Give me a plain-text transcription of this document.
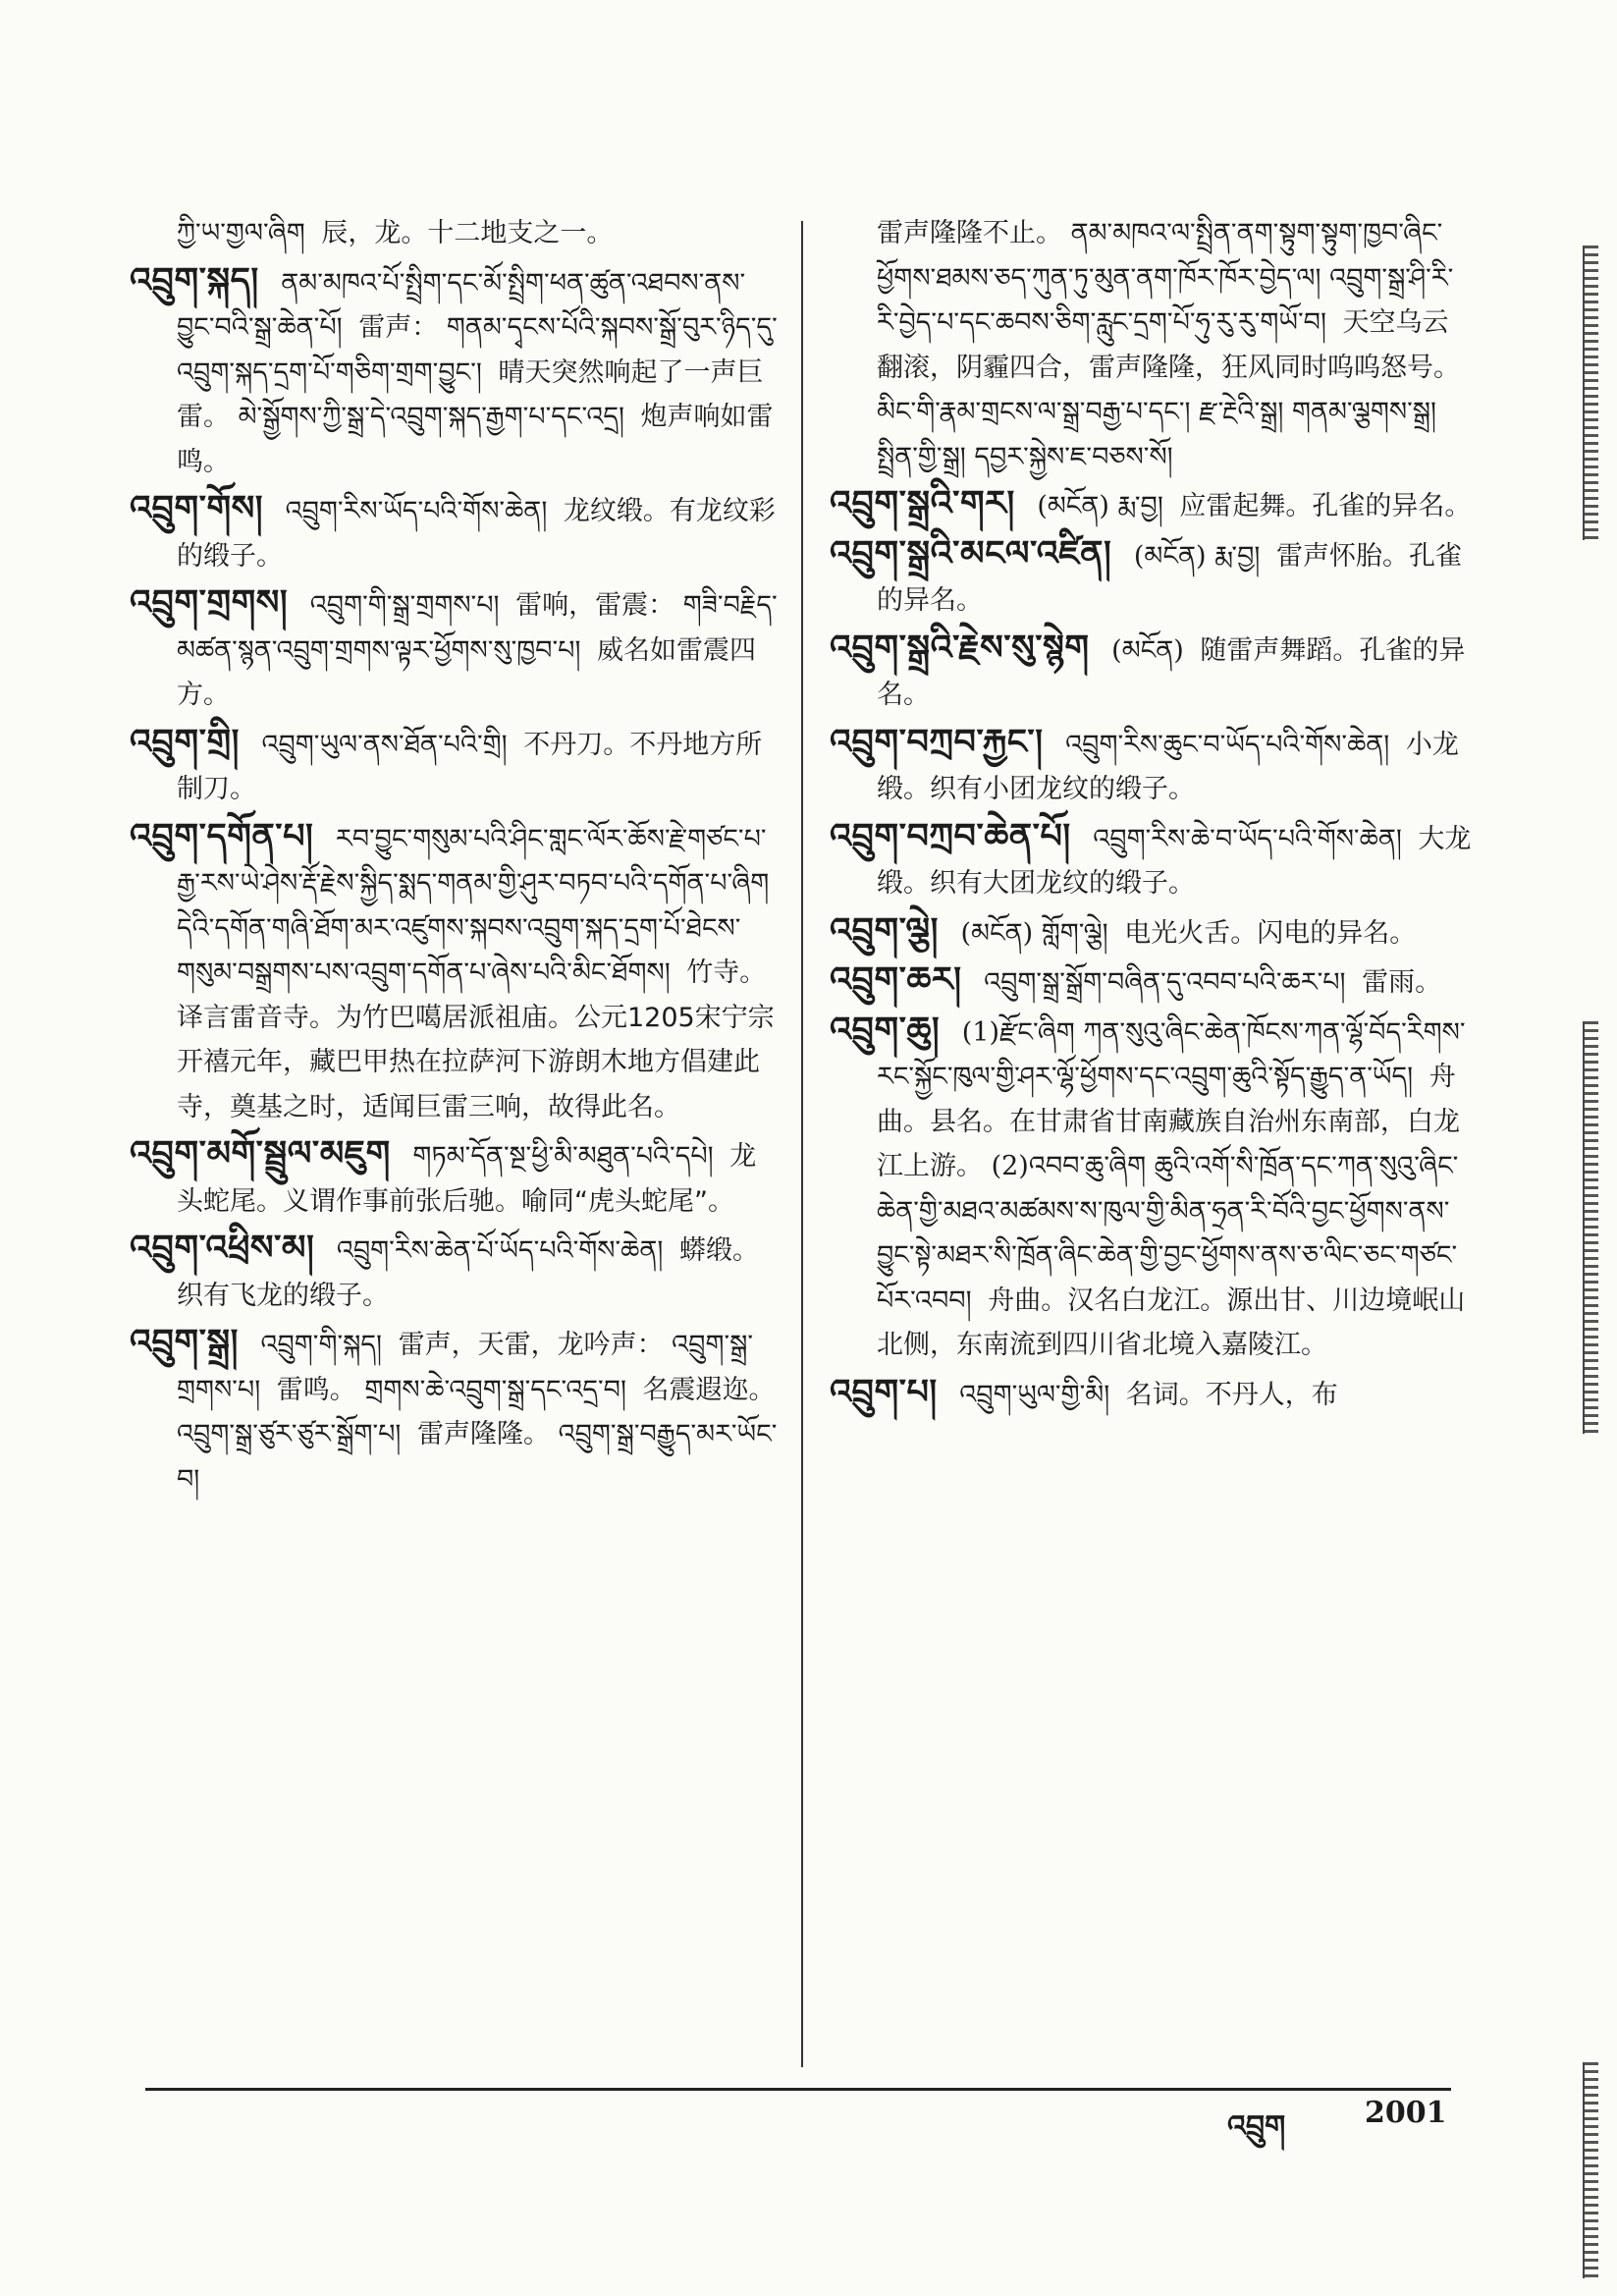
ཀྱི་ཡ་གྱལ་ཞིག 辰，龙。十二地支之一。
འབྲུག་སྐད། ནམ་མཁའ་པོ་སྤྲིག་དང་མོ་སྤྲིག་ཕན་ཚུན་འཐབས་ནས་བྱུང་བའི་སྒྲ་ཆེན་པོ། 雷声： གནམ་དྭངས་པོའི་སྐབས་སྒྲོ་བུར་ཉིད་དུ་འབྲུག་སྐད་དྲག་པོ་གཅིག་གྲག་བྱུང་། 晴天突然响起了一声巨雷。 མེ་སྒྱོགས་ཀྱི་སྒྲ་དེ་འབྲུག་སྐད་རྒྱག་པ་དང་འདྲ། 炮声响如雷鸣。
འབྲུག་གོས། འབྲུག་རིས་ཡོད་པའི་གོས་ཆེན། 龙纹缎。有龙纹彩的缎子。
འབྲུག་གྲགས། འབྲུག་གི་སྒྲ་གྲགས་པ། 雷响，雷震： གཟི་བརྗིད་མཚན་སྙན་འབྲུག་གྲགས་ལྟར་ཕྱོགས་སུ་ཁྱབ་པ། 威名如雷震四方。
འབྲུག་གྲི། འབྲུག་ཡུལ་ནས་ཐོན་པའི་གྲི། 不丹刀。不丹地方所制刀。
འབྲུག་དགོན་པ། རབ་བྱུང་གསུམ་པའི་ཤིང་གླང་ལོར་ཆོས་རྗེ་གཙང་པ་རྒྱ་རས་ཡེ་ཤེས་རྡོ་རྗེས་སྐྱིད་སྨད་གནམ་གྱི་ཤུར་བཏབ་པའི་དགོན་པ་ཞིག དེའི་དགོན་གཞི་ཐོག་མར་འཛུགས་སྐབས་འབྲུག་སྐད་དྲག་པོ་ཐེངས་གསུམ་བསྒྲགས་པས་འབྲུག་དགོན་པ་ཞེས་པའི་མིང་ཐོགས། 竹寺。译言雷音寺。为竹巴噶居派祖庙。公元1205宋宁宗开禧元年，藏巴甲热在拉萨河下游朗木地方倡建此寺，奠基之时，适闻巨雷三响，故得此名。
འབྲུག་མགོ་སྦྲུལ་མཇུག གཏམ་དོན་སྔ་ཕྱི་མི་མཐུན་པའི་དཔེ། 龙头蛇尾。义谓作事前张后驰。喻同“虎头蛇尾”。
འབྲུག་འཕྲིས་མ། འབྲུག་རིས་ཆེན་པོ་ཡོད་པའི་གོས་ཆེན། 蟒缎。织有飞龙的缎子。
འབྲུག་སྒྲ། འབྲུག་གི་སྐད། 雷声，天雷，龙吟声： འབྲུག་སྒྲ་གྲགས་པ། 雷鸣。 གྲགས་ཆེ་འབྲུག་སྒྲ་དང་འདྲ་བ། 名震遐迩。 འབྲུག་སྒྲ་ཙུར་ཙུར་སྒྲོག་པ། 雷声隆隆。 འབྲུག་སྒྲ་བརྒྱུད་མར་ཡོང་བ།
雷声隆隆不止。 ནམ་མཁའ་ལ་སྤྲིན་ནག་སྟུག་སྟུག་ཁྱབ་ཞིང་ཕྱོགས་ཐམས་ཅད་ཀུན་ཏུ་མུན་ནག་ཁོར་ཁོར་བྱེད་ལ། འབྲུག་སྒྲ་ཤི་རི་རི་བྱེད་པ་དང་ཆབས་ཅིག་རླུང་དྲག་པོ་ཧུ་རུ་རུ་གཡོ་བ། 天空乌云翻滚，阴霾四合，雷声隆隆，狂风同时呜呜怒号。 མིང་གི་རྣམ་གྲངས་ལ་སྒྲ་བརྒྱ་པ་དང་། རྫ་རྔེའི་སྒྲ། གནམ་ལྕགས་སྒྲ། སྤྲིན་གྱི་སྒྲ། དབྱར་སྐྱེས་ཇ་བཅས་སོ།
འབྲུག་སྒྲའི་གར། (མངོན) རྨ་བྱ། 应雷起舞。孔雀的异名。
འབྲུག་སྒྲའི་མངལ་འཛིན། (མངོན) རྨ་བྱ། 雷声怀胎。孔雀的异名。
འབྲུག་སྒྲའི་རྗེས་སུ་སྙེག (མངོན) 随雷声舞蹈。孔雀的异名。
འབྲུག་བཀྲབ་རྐྱང་། འབྲུག་རིས་ཆུང་བ་ཡོད་པའི་གོས་ཆེན། 小龙缎。织有小团龙纹的缎子。
འབྲུག་བཀྲབ་ཆེན་པོ། འབྲུག་རིས་ཆེ་བ་ཡོད་པའི་གོས་ཆེན། 大龙缎。织有大团龙纹的缎子。
འབྲུག་ལྕེ། (མངོན) གློག་ལྕེ། 电光火舌。闪电的异名。
འབྲུག་ཆར། འབྲུག་སྒྲ་སྒྲོག་བཞིན་དུ་འབབ་པའི་ཆར་པ། 雷雨。
འབྲུག་ཆུ། (1)རྫོང་ཞིག ཀན་སུའུ་ཞིང་ཆེན་ཁོངས་ཀན་ལྷོ་བོད་རིགས་རང་སྐྱོང་ཁུལ་གྱི་ཤར་ལྷོ་ཕྱོགས་དང་འབྲུག་ཆུའི་སྟོད་རྒྱུད་ན་ཡོད། 舟曲。县名。在甘肃省甘南藏族自治州东南部，白龙江上游。 (2)འབབ་ཆུ་ཞིག ཆུའི་འགོ་སི་ཁྲོན་དང་ཀན་སུའུ་ཞིང་ཆེན་གྱི་མཐའ་མཚམས་ས་ཁུལ་གྱི་མིན་ཧྲན་རི་བོའི་བྱང་ཕྱོགས་ནས་བྱུང་སྟེ་མཐར་སི་ཁྲོན་ཞིང་ཆེན་གྱི་བྱང་ཕྱོགས་ནས་ཅ་ལིང་ཅང་གཙང་པོར་འབབ། 舟曲。汉名白龙江。源出甘、川边境岷山北侧，东南流到四川省北境入嘉陵江。
འབྲུག་པ། འབྲུག་ཡུལ་གྱི་མི། 名词。不丹人，布
འབྲུག	2001
